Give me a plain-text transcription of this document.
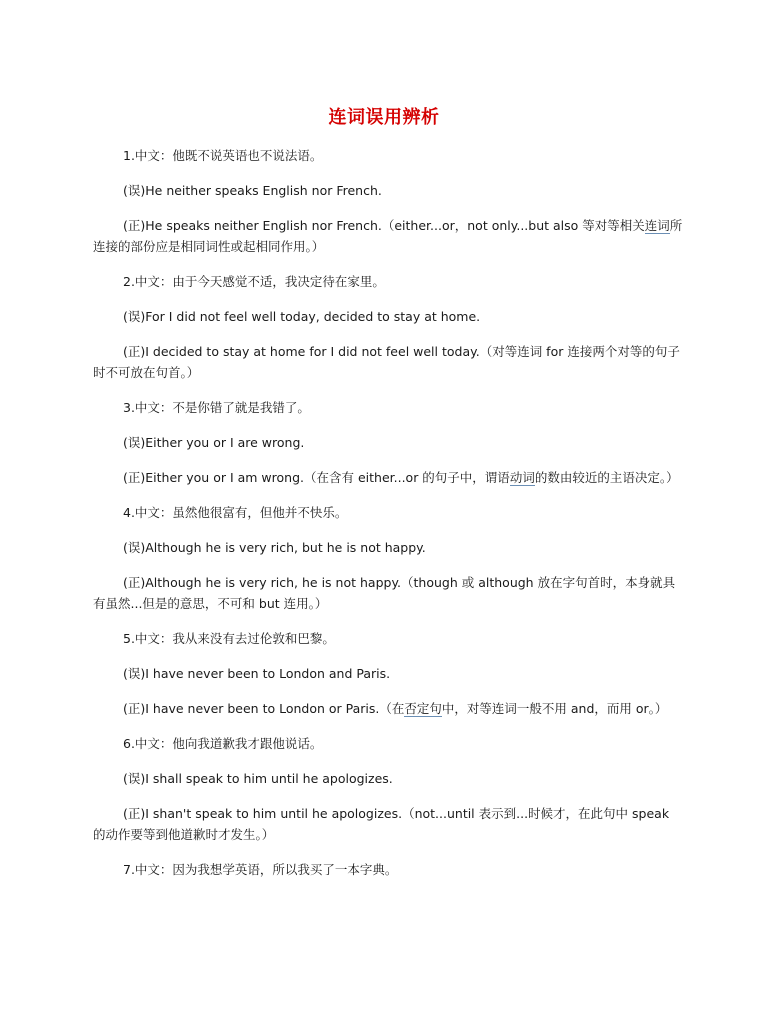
连词误用辨析

1.中文：他既不说英语也不说法语。

(误)He neither speaks English nor French.

(正)He speaks neither English nor French.（either...or，not only...but also 等对等相关连词所连接的部份应是相同词性或起相同作用。）

2.中文：由于今天感觉不适，我决定待在家里。

(误)For I did not feel well today, decided to stay at home.

(正)I decided to stay at home for I did not feel well today.（对等连词 for 连接两个对等的句子时不可放在句首。）

3.中文：不是你错了就是我错了。

(误)Either you or I are wrong.

(正)Either you or I am wrong.（在含有 either...or 的句子中，谓语动词的数由较近的主语决定。）

4.中文：虽然他很富有，但他并不快乐。

(误)Although he is very rich, but he is not happy.

(正)Although he is very rich, he is not happy.（though 或 although 放在字句首时，本身就具有虽然...但是的意思，不可和 but 连用。）

5.中文：我从来没有去过伦敦和巴黎。

(误)I have never been to London and Paris.

(正)I have never been to London or Paris.（在否定句中，对等连词一般不用 and，而用 or。）

6.中文：他向我道歉我才跟他说话。

(误)I shall speak to him until he apologizes.

(正)I shan't speak to him until he apologizes.（not...until 表示到...时候才，在此句中 speak 的动作要等到他道歉时才发生。）

7.中文：因为我想学英语，所以我买了一本字典。
